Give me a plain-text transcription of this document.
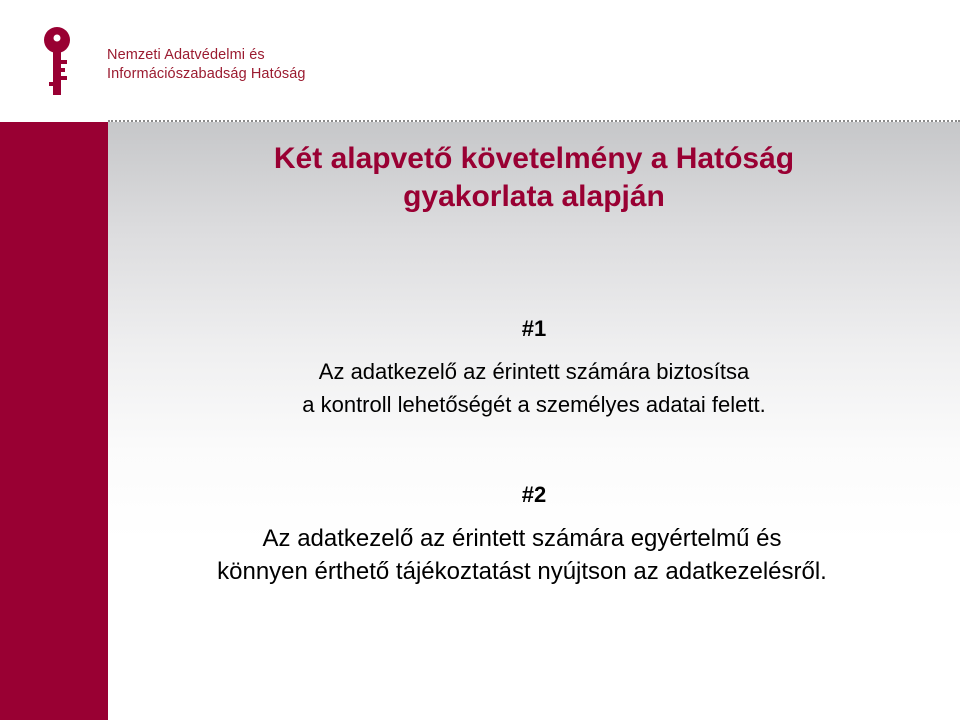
Nemzeti Adatvédelmi és
Információszabadság Hatóság
Két alapvető követelmény a Hatóság
gyakorlata alapján
#1
Az adatkezelő az érintett számára biztosítsa
a kontroll lehetőségét a személyes adatai felett.
#2
Az adatkezelő az érintett számára egyértelmű és
könnyen érthető tájékoztatást nyújtson az adatkezelésről.
